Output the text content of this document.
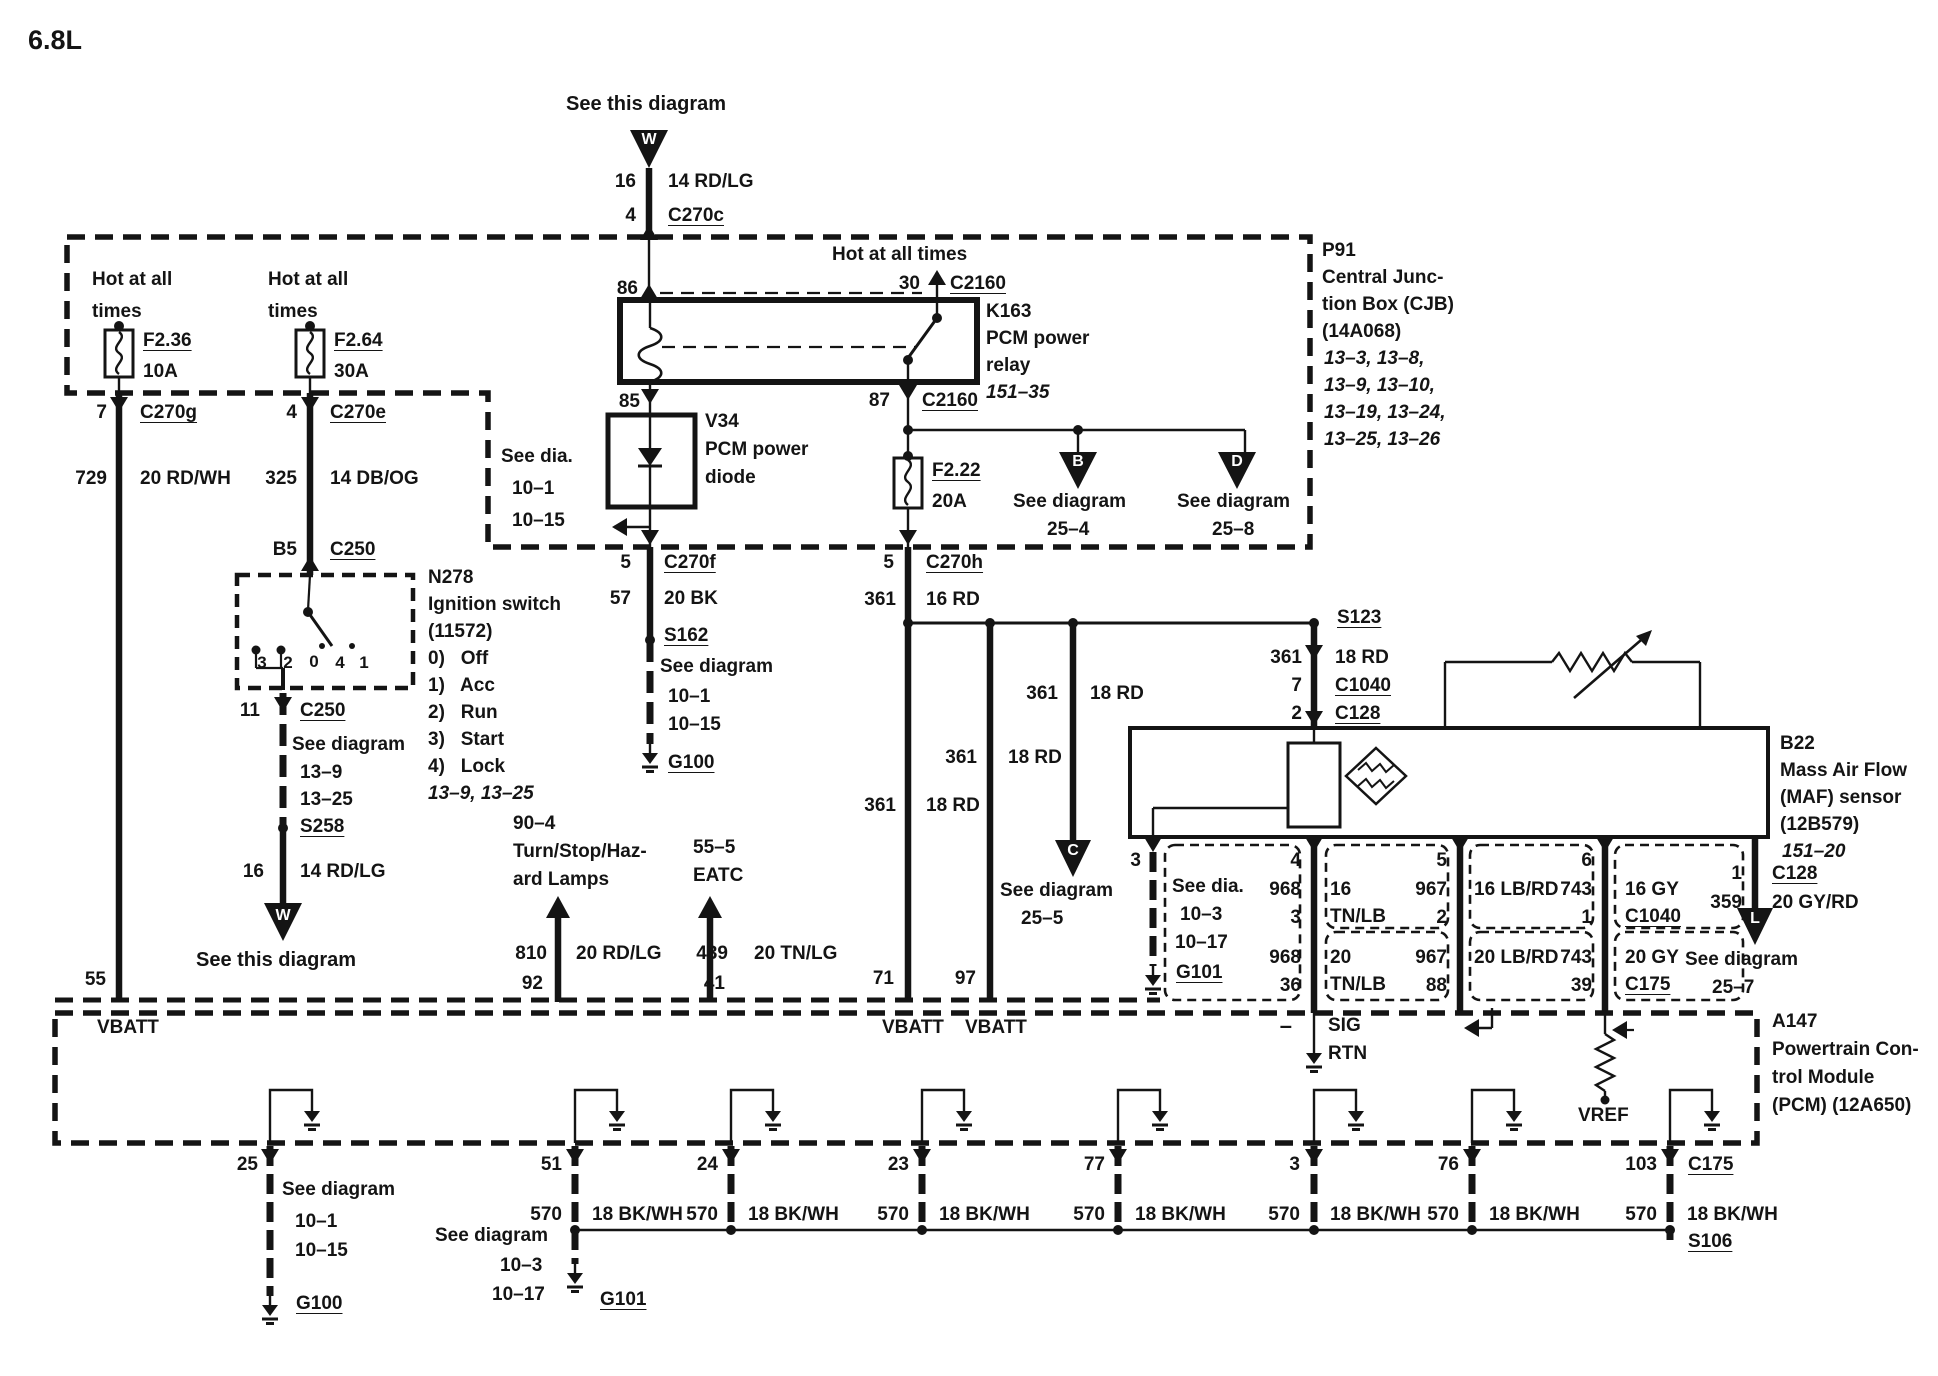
6.8L
See this diagram
W
16 14 RD/LG
4 C270c
Hot at all
times
Hot at all
times
F2.36
10A
F2.64
30A
Hot at all times
30 C2160
K163
PCM power
relay
151–35
86
85
V34
PCM power
diode
See dia.
10–1
10–15
87 C2160
F2.22
20A
B	D
See diagram
25–4
See diagram
25–8
P91
Central Junc-
tion Box (CJB)
(14A068)
13–3, 13–8,
13–9, 13–10,
13–19, 13–24,
13–25, 13–26
7 C270g
729 20 RD/WH
4 C270e
325 14 DB/OG
B5 C250
3 2 0 4 1
N278
Ignition switch
(11572)
0)   Off
1)   Acc
2)   Run
3)   Start
4)   Lock
13–9, 13–25
11 C250
See diagram
13–9
13–25
S258
16 14 RD/LG
W
See this diagram
55
VBATT
5 C270f
57 20 BK
S162
See diagram
10–1
10–15
G100
5 C270h
361 16 RD
S123
361 18 RD
7 C1040
2 C128
361 18 RD
361 18 RD
361 18 RD
71	97
VBATT VBATT
C
See diagram
25–5
90–4
Turn/Stop/Haz-
ard Lamps
55–5
EATC
810 20 RD/LG
92
439 20 TN/LG
41
B22
Mass Air Flow
(MAF) sensor
(12B579)
151–20
3
See dia.
10–3
10–17
G101
4
968 16
3 TN/LB
968 20
36 TN/LB
5
967 16 LB/RD
2
967 20 LB/RD
88
6
743 16 GY
1 C1040
743 20 GY
39 C175
1 C128
359 20 GY/RD
L
See diagram
25–7
– SIG
RTN
VREF
A147
Powertrain Con-
trol Module
(PCM) (12A650)
25	51	24	23	77	3	76	103 C175
570 18 BK/WH 570 18 BK/WH 570 18 BK/WH 570 18 BK/WH 570 18 BK/WH 570 18 BK/WH 570 18 BK/WH
See diagram
10–1
10–15
G100
See diagram
10–3
10–17	G101
S106
